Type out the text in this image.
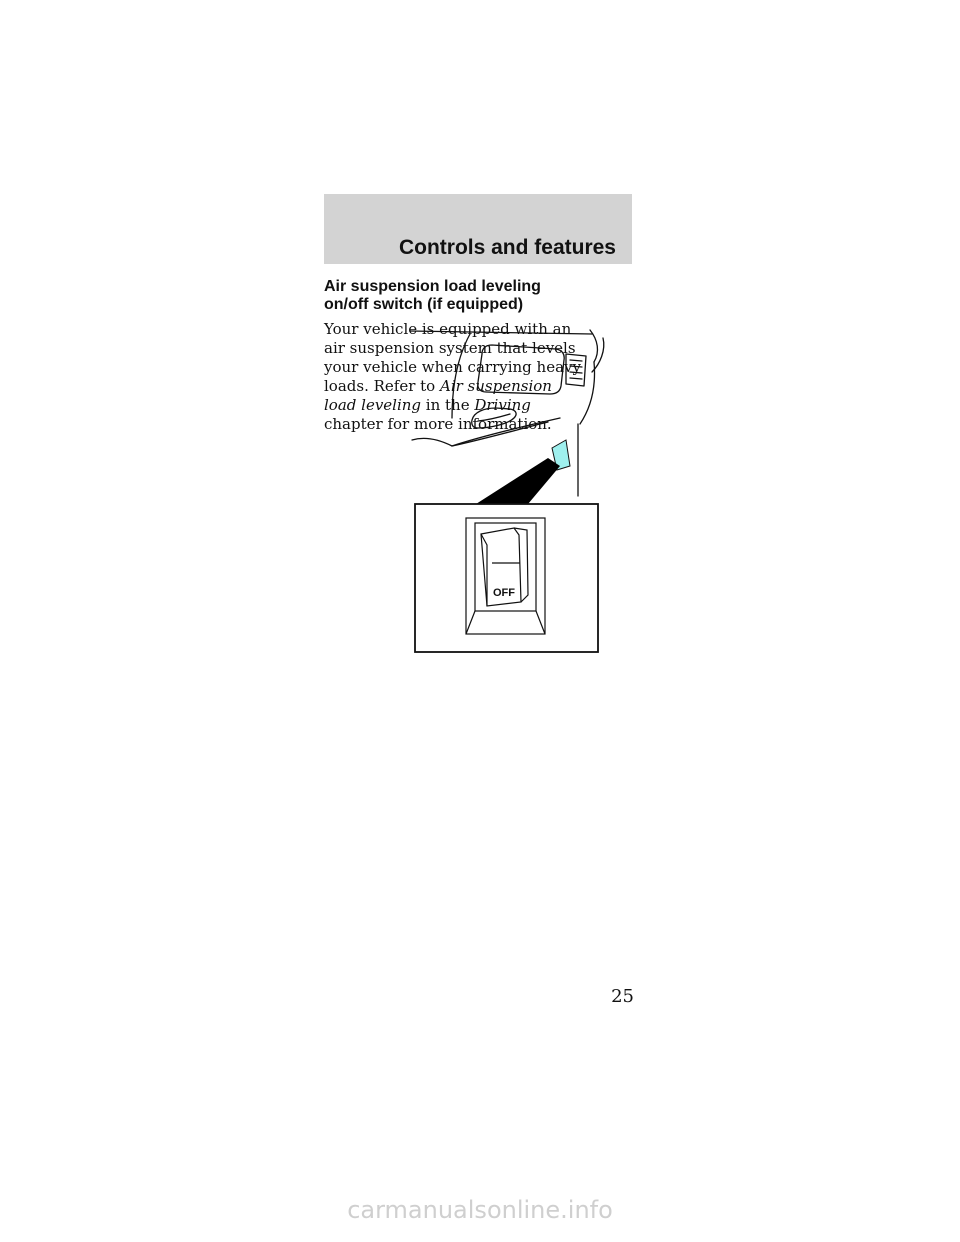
Controls and features
Air suspension load leveling
on/off switch (if equipped)
Your vehicle is equipped with an
air suspension system that levels
your vehicle when carrying heavy
loads. Refer to Air suspension
load leveling in the Driving
chapter for more information.
OFF
25
carmanualsonline.info
